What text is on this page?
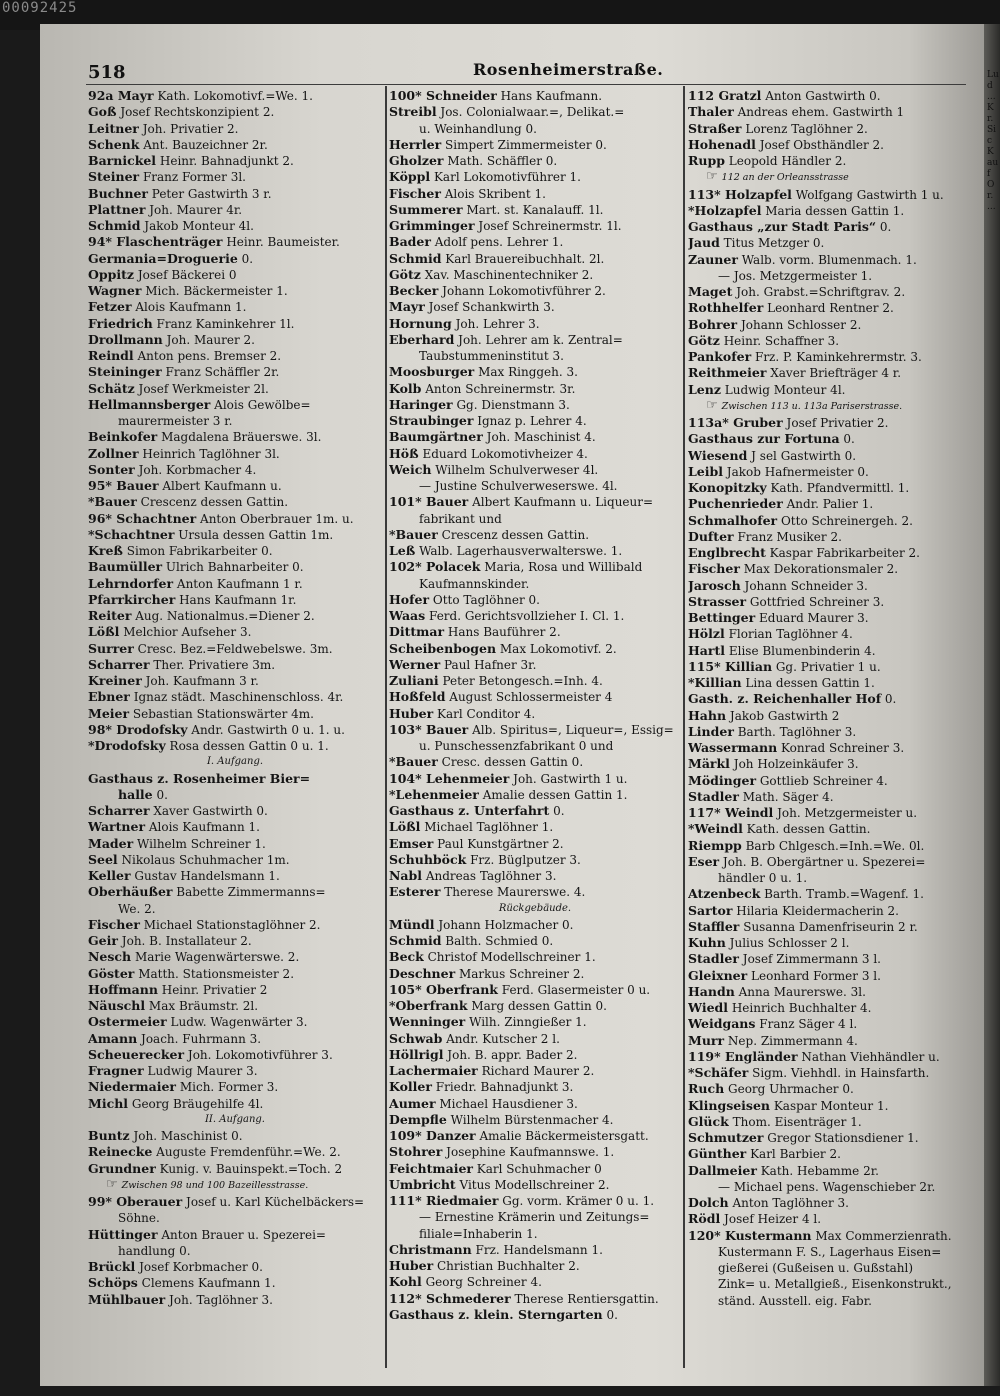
00092425
Lud ... Kr. Sic Kauf Or. ...
518	Rosenheimerstraße.
92a Mayr Kath. Lokomotivf.=We. 1.
Goß Josef Rechtskonzipient 2.
Leitner Joh. Privatier 2.
Schenk Ant. Bauzeichner 2r.
Barnickel Heinr. Bahnadjunkt 2.
Steiner Franz Former 3l.
Buchner Peter Gastwirth 3 r.
Plattner Joh. Maurer 4r.
Schmid Jakob Monteur 4l.
94* Flaschenträger Heinr. Baumeister.
Germania=Droguerie 0.
Oppitz Josef Bäckerei 0
Wagner Mich. Bäckermeister 1.
Fetzer Alois Kaufmann 1.
Friedrich Franz Kaminkehrer 1l.
Drollmann Joh. Maurer 2.
Reindl Anton pens. Bremser 2.
Steininger Franz Schäffler 2r.
Schätz Josef Werkmeister 2l.
Hellmannsberger Alois Gewölbe=
maurermeister 3 r.
Beinkofer Magdalena Bräuerswe. 3l.
Zollner Heinrich Taglöhner 3l.
Sonter Joh. Korbmacher 4.
95* Bauer Albert Kaufmann u.
*Bauer Crescenz dessen Gattin.
96* Schachtner Anton Oberbrauer 1m. u.
*Schachtner Ursula dessen Gattin 1m.
Kreß Simon Fabrikarbeiter 0.
Baumüller Ulrich Bahnarbeiter 0.
Lehrndorfer Anton Kaufmann 1 r.
Pfarrkircher Hans Kaufmann 1r.
Reiter Aug. Nationalmus.=Diener 2.
Lößl Melchior Aufseher 3.
Surrer Cresc. Bez.=Feldwebelswe. 3m.
Scharrer Ther. Privatiere 3m.
Kreiner Joh. Kaufmann 3 r.
Ebner Ignaz städt. Maschinenschloss. 4r.
Meier Sebastian Stationswärter 4m.
98* Drodofsky Andr. Gastwirth 0 u. 1. u.
*Drodofsky Rosa dessen Gattin 0 u. 1.
I. Aufgang.
Gasthaus z. Rosenheimer Bier=
halle 0.
Scharrer Xaver Gastwirth 0.
Wartner Alois Kaufmann 1.
Mader Wilhelm Schreiner 1.
Seel Nikolaus Schuhmacher 1m.
Keller Gustav Handelsmann 1.
Oberhäußer Babette Zimmermanns=
We. 2.
Fischer Michael Stationstaglöhner 2.
Geir Joh. B. Installateur 2.
Nesch Marie Wagenwärterswe. 2.
Göster Matth. Stationsmeister 2.
Hoffmann Heinr. Privatier 2
Näuschl Max Bräumstr. 2l.
Ostermeier Ludw. Wagenwärter 3.
Amann Joach. Fuhrmann 3.
Scheuerecker Joh. Lokomotivführer 3.
Fragner Ludwig Maurer 3.
Niedermaier Mich. Former 3.
Michl Georg Bräugehilfe 4l.
II. Aufgang.
Buntz Joh. Maschinist 0.
Reinecke Auguste Fremdenführ.=We. 2.
Grundner Kunig. v. Bauinspekt.=Toch. 2
☞ Zwischen 98 und 100 Bazeillesstrasse.
99* Oberauer Josef u. Karl Küchelbäckers=
Söhne.
Hüttinger Anton Brauer u. Spezerei=
handlung 0.
Brückl Josef Korbmacher 0.
Schöps Clemens Kaufmann 1.
Mühlbauer Joh. Taglöhner 3.
100* Schneider Hans Kaufmann.
Streibl Jos. Colonialwaar.=, Delikat.=
u. Weinhandlung 0.
Herrler Simpert Zimmermeister 0.
Gholzer Math. Schäffler 0.
Köppl Karl Lokomotivführer 1.
Fischer Alois Skribent 1.
Summerer Mart. st. Kanalauff. 1l.
Grimminger Josef Schreinermstr. 1l.
Bader Adolf pens. Lehrer 1.
Schmid Karl Brauereibuchhalt. 2l.
Götz Xav. Maschinentechniker 2.
Becker Johann Lokomotivführer 2.
Mayr Josef Schankwirth 3.
Hornung Joh. Lehrer 3.
Eberhard Joh. Lehrer am k. Zentral=
Taubstummeninstitut 3.
Moosburger Max Ringgeh. 3.
Kolb Anton Schreinermstr. 3r.
Haringer Gg. Dienstmann 3.
Straubinger Ignaz p. Lehrer 4.
Baumgärtner Joh. Maschinist 4.
Höß Eduard Lokomotivheizer 4.
Weich Wilhelm Schulverweser 4l.
— Justine Schulverweserswe. 4l.
101* Bauer Albert Kaufmann u. Liqueur=
fabrikant und
*Bauer Crescenz dessen Gattin.
Leß Walb. Lagerhausverwalterswe. 1.
102* Polacek Maria, Rosa und Willibald
Kaufmannskinder.
Hofer Otto Taglöhner 0.
Waas Ferd. Gerichtsvollzieher I. Cl. 1.
Dittmar Hans Bauführer 2.
Scheibenbogen Max Lokomotivf. 2.
Werner Paul Hafner 3r.
Zuliani Peter Betongesch.=Inh. 4.
Hoßfeld August Schlossermeister 4
Huber Karl Conditor 4.
103* Bauer Alb. Spiritus=, Liqueur=, Essig=
u. Punschessenzfabrikant 0 und
*Bauer Cresc. dessen Gattin 0.
104* Lehenmeier Joh. Gastwirth 1 u.
*Lehenmeier Amalie dessen Gattin 1.
Gasthaus z. Unterfahrt 0.
Lößl Michael Taglöhner 1.
Emser Paul Kunstgärtner 2.
Schuhböck Frz. Büglputzer 3.
Nabl Andreas Taglöhner 3.
Esterer Therese Maurerswe. 4.
Rückgebäude.
Mündl Johann Holzmacher 0.
Schmid Balth. Schmied 0.
Beck Christof Modellschreiner 1.
Deschner Markus Schreiner 2.
105* Oberfrank Ferd. Glasermeister 0 u.
*Oberfrank Marg dessen Gattin 0.
Wenninger Wilh. Zinngießer 1.
Schwab Andr. Kutscher 2 l.
Höllrigl Joh. B. appr. Bader 2.
Lachermaier Richard Maurer 2.
Koller Friedr. Bahnadjunkt 3.
Aumer Michael Hausdiener 3.
Dempfle Wilhelm Bürstenmacher 4.
109* Danzer Amalie Bäckermeistersgatt.
Stohrer Josephine Kaufmannswe. 1.
Feichtmaier Karl Schuhmacher 0
Umbricht Vitus Modellschreiner 2.
111* Riedmaier Gg. vorm. Krämer 0 u. 1.
— Ernestine Krämerin und Zeitungs=
filiale=Inhaberin 1.
Christmann Frz. Handelsmann 1.
Huber Christian Buchhalter 2.
Kohl Georg Schreiner 4.
112* Schmederer Therese Rentiersgattin.
Gasthaus z. klein. Sterngarten 0.
112 Gratzl Anton Gastwirth 0.
Thaler Andreas ehem. Gastwirth 1
Straßer Lorenz Taglöhner 2.
Hohenadl Josef Obsthändler 2.
Rupp Leopold Händler 2.
☞ 112 an der Orleansstrasse
113* Holzapfel Wolfgang Gastwirth 1 u.
*Holzapfel Maria dessen Gattin 1.
Gasthaus „zur Stadt Paris“ 0.
Jaud Titus Metzger 0.
Zauner Walb. vorm. Blumenmach. 1.
— Jos. Metzgermeister 1.
Maget Joh. Grabst.=Schriftgrav. 2.
Rothhelfer Leonhard Rentner 2.
Bohrer Johann Schlosser 2.
Götz Heinr. Schaffner 3.
Pankofer Frz. P. Kaminkehrermstr. 3.
Reithmeier Xaver Briefträger 4 r.
Lenz Ludwig Monteur 4l.
☞ Zwischen 113 u. 113a Pariserstrasse.
113a* Gruber Josef Privatier 2.
Gasthaus zur Fortuna 0.
Wiesend J sel Gastwirth 0.
Leibl Jakob Hafnermeister 0.
Konopitzky Kath. Pfandvermittl. 1.
Puchenrieder Andr. Palier 1.
Schmalhofer Otto Schreinergeh. 2.
Dufter Franz Musiker 2.
Englbrecht Kaspar Fabrikarbeiter 2.
Fischer Max Dekorationsmaler 2.
Jarosch Johann Schneider 3.
Strasser Gottfried Schreiner 3.
Bettinger Eduard Maurer 3.
Hölzl Florian Taglöhner 4.
Hartl Elise Blumenbinderin 4.
115* Killian Gg. Privatier 1 u.
*Killian Lina dessen Gattin 1.
Gasth. z. Reichenhaller Hof 0.
Hahn Jakob Gastwirth 2
Linder Barth. Taglöhner 3.
Wassermann Konrad Schreiner 3.
Märkl Joh Holzeinkäufer 3.
Mödinger Gottlieb Schreiner 4.
Stadler Math. Säger 4.
117* Weindl Joh. Metzgermeister u.
*Weindl Kath. dessen Gattin.
Riempp Barb Chlgesch.=Inh.=We. 0l.
Eser Joh. B. Obergärtner u. Spezerei=
händler 0 u. 1.
Atzenbeck Barth. Tramb.=Wagenf. 1.
Sartor Hilaria Kleidermacherin 2.
Staffler Susanna Damenfriseurin 2 r.
Kuhn Julius Schlosser 2 l.
Stadler Josef Zimmermann 3 l.
Gleixner Leonhard Former 3 l.
Handn Anna Maurerswe. 3l.
Wiedl Heinrich Buchhalter 4.
Weidgans Franz Säger 4 l.
Murr Nep. Zimmermann 4.
119* Engländer Nathan Viehhändler u.
*Schäfer Sigm. Viehhdl. in Hainsfarth.
Ruch Georg Uhrmacher 0.
Klingseisen Kaspar Monteur 1.
Glück Thom. Eisenträger 1.
Schmutzer Gregor Stationsdiener 1.
Günther Karl Barbier 2.
Dallmeier Kath. Hebamme 2r.
— Michael pens. Wagenschieber 2r.
Dolch Anton Taglöhner 3.
Rödl Josef Heizer 4 l.
120* Kustermann Max Commerzienrath.
Kustermann F. S., Lagerhaus Eisen=
gießerei (Gußeisen u. Gußstahl)
Zink= u. Metallgieß., Eisenkonstrukt.,
ständ. Ausstell. eig. Fabr.
